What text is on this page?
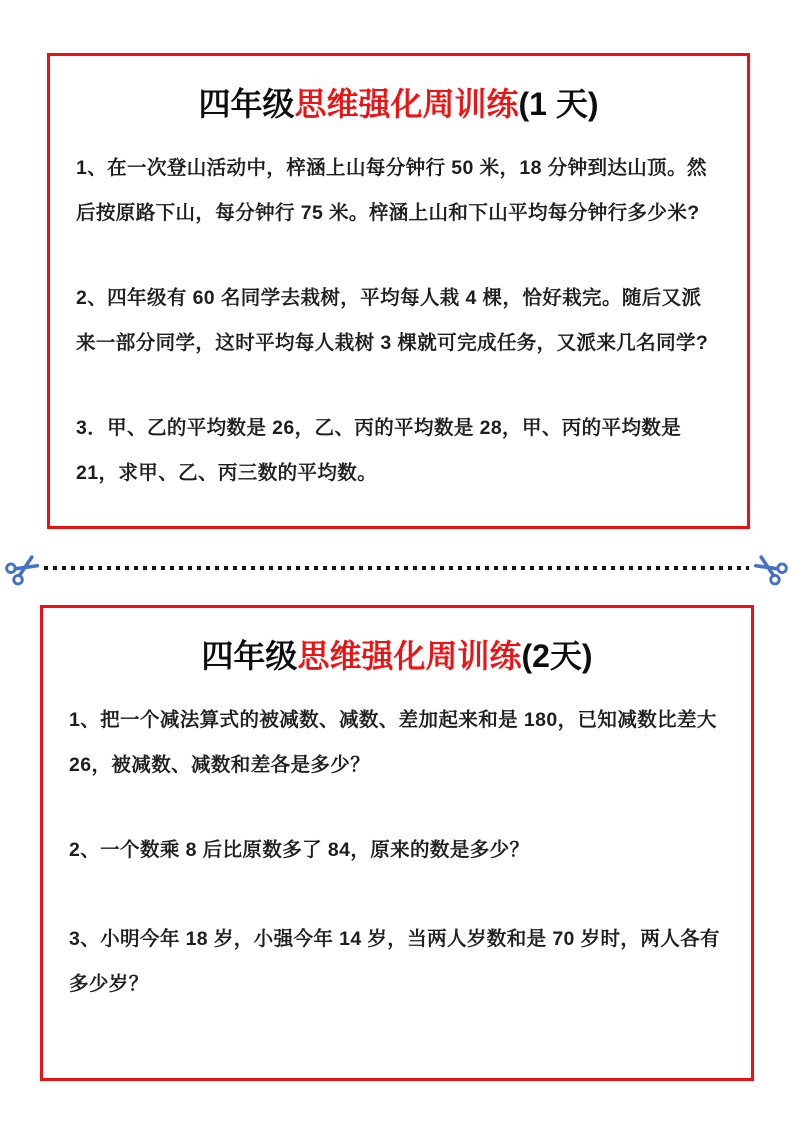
四年级思维强化周训练(1 天)

1、在一次登山活动中，梓涵上山每分钟行 50 米，18 分钟到达山顶。然后按原路下山，每分钟行 75 米。梓涵上山和下山平均每分钟行多少米?

2、四年级有 60 名同学去栽树，平均每人栽 4 棵，恰好栽完。随后又派来一部分同学，这时平均每人栽树 3 棵就可完成任务，又派来几名同学?

3．甲、乙的平均数是 26，乙、丙的平均数是 28，甲、丙的平均数是 21，求甲、乙、丙三数的平均数。

四年级思维强化周训练(2天)

1、把一个减法算式的被减数、减数、差加起来和是 180，已知减数比差大 26，被减数、减数和差各是多少？

2、一个数乘 8 后比原数多了 84，原来的数是多少？

3、小明今年 18 岁，小强今年 14 岁，当两人岁数和是 70 岁时，两人各有多少岁？
